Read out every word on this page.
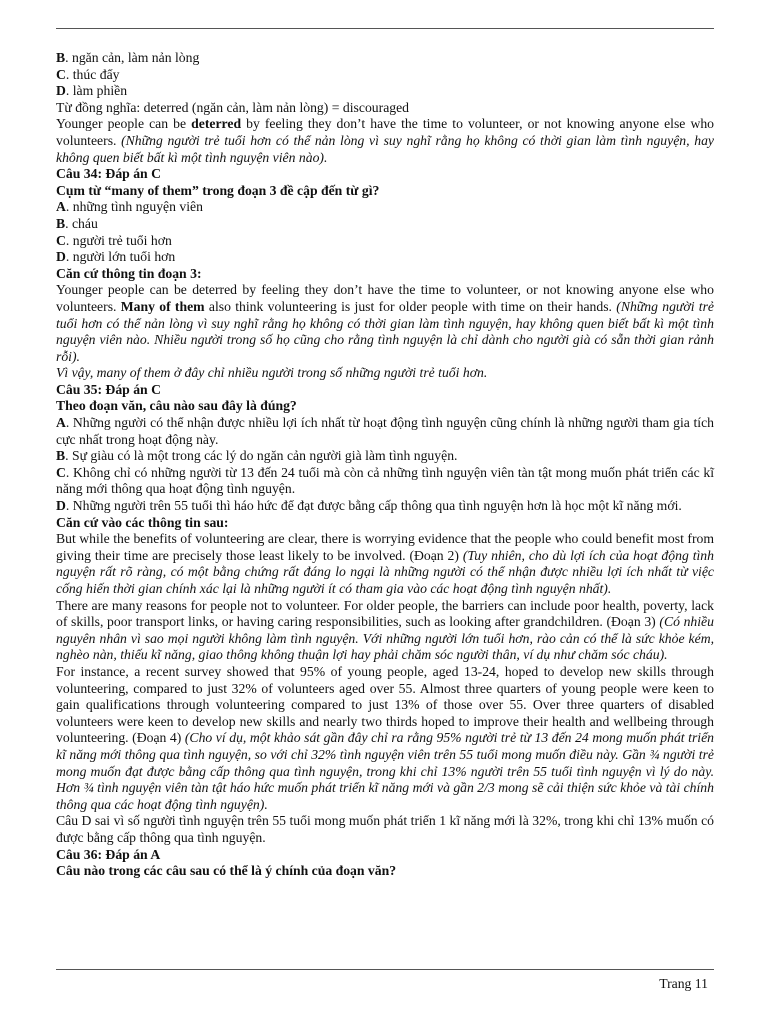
B. ngăn cản, làm nản lòng

C. thúc đẩy

D. làm phiền

Từ đồng nghĩa: deterred (ngăn cản, làm nản lòng) = discouraged

Younger people can be deterred by feeling they don’t have the time to volunteer, or not knowing anyone else who volunteers. (Những người trẻ tuổi hơn có thể nản lòng vì suy nghĩ rằng họ không có thời gian làm tình nguyện, hay không quen biết bất kì một tình nguyện viên nào).

Câu 34: Đáp án C

Cụm từ “many of them” trong đoạn 3 đề cập đến từ gì?

A. những tình nguyện viên

B. cháu

C. người trẻ tuổi hơn

D. người lớn tuổi hơn

Căn cứ thông tin đoạn 3:

Younger people can be deterred by feeling they don’t have the time to volunteer, or not knowing anyone else who volunteers. Many of them also think volunteering is just for older people with time on their hands. (Những người trẻ tuổi hơn có thể nản lòng vì suy nghĩ rằng họ không có thời gian làm tình nguyện, hay không quen biết bất kì một tình nguyện viên nào. Nhiều người trong số họ cũng cho rằng tình nguyện là chỉ dành cho người già có sẵn thời gian rảnh rỗi).

Vì vậy, many of them ở đây chỉ nhiều người trong số những người trẻ tuổi hơn.

Câu 35: Đáp án C

Theo đoạn văn, câu nào sau đây là đúng?

A. Những người có thể nhận được nhiều lợi ích nhất từ hoạt động tình nguyện cũng chính là những người tham gia tích cực nhất trong hoạt động này.

B. Sự giàu có là một trong các lý do ngăn cản người già làm tình nguyện.

C. Không chỉ có những người từ 13 đến 24 tuổi mà còn cả những tình nguyện viên tàn tật mong muốn phát triển các kĩ năng mới thông qua hoạt động tình nguyện.

D. Những người trên 55 tuổi thì háo hức để đạt được bằng cấp thông qua tình nguyện hơn là học một kĩ năng mới.

Căn cứ vào các thông tin sau:

But while the benefits of volunteering are clear, there is worrying evidence that the people who could benefit most from giving their time are precisely those least likely to be involved. (Đoạn 2) (Tuy nhiên, cho dù lợi ích của hoạt động tình nguyện rất rõ ràng, có một bằng chứng rất đáng lo ngại là những người có thể nhận được nhiều lợi ích nhất từ việc cống hiến thời gian chính xác lại là những người ít có tham gia vào các hoạt động tình nguyện nhất).

There are many reasons for people not to volunteer. For older people, the barriers can include poor health, poverty, lack of skills, poor transport links, or having caring responsibilities, such as looking after grandchildren. (Đoạn 3) (Có nhiều nguyên nhân vì sao mọi người không làm tình nguyện. Với những người lớn tuổi hơn, rào cản có thể là sức khỏe kém, nghèo nàn, thiếu kĩ năng, giao thông không thuận lợi hay phải chăm sóc người thân, ví dụ như chăm sóc cháu).

For instance, a recent survey showed that 95% of young people, aged 13-24, hoped to develop new skills through volunteering, compared to just 32% of volunteers aged over 55. Almost three quarters of young people were keen to gain qualifications through volunteering compared to just 13% of those over 55. Over three quarters of disabled volunteers were keen to develop new skills and nearly two thirds hoped to improve their health and wellbeing through volunteering. (Đoạn 4) (Cho ví dụ, một khảo sát gần đây chỉ ra rằng 95% người trẻ từ 13 đến 24 mong muốn phát triển kĩ năng mới thông qua tình nguyện, so với chỉ 32% tình nguyện viên trên 55 tuổi mong muốn điều này. Gần ¾ người trẻ mong muốn đạt được bằng cấp thông qua tình nguyện, trong khi chỉ 13% người trên 55 tuổi tình nguyện vì lý do này. Hơn ¾ tình nguyện viên tàn tật háo hức muốn phát triển kĩ năng mới và gần 2/3 mong sẽ cải thiện sức khỏe và tài chính thông qua các hoạt động tình nguyện).

Câu D sai vì số người tình nguyện trên 55 tuổi mong muốn phát triển 1 kĩ năng mới là 32%, trong khi chỉ 13% muốn có được bằng cấp thông qua tình nguyện.

Câu 36: Đáp án A

Câu nào trong các câu sau có thể là ý chính của đoạn văn?

Trang 11
